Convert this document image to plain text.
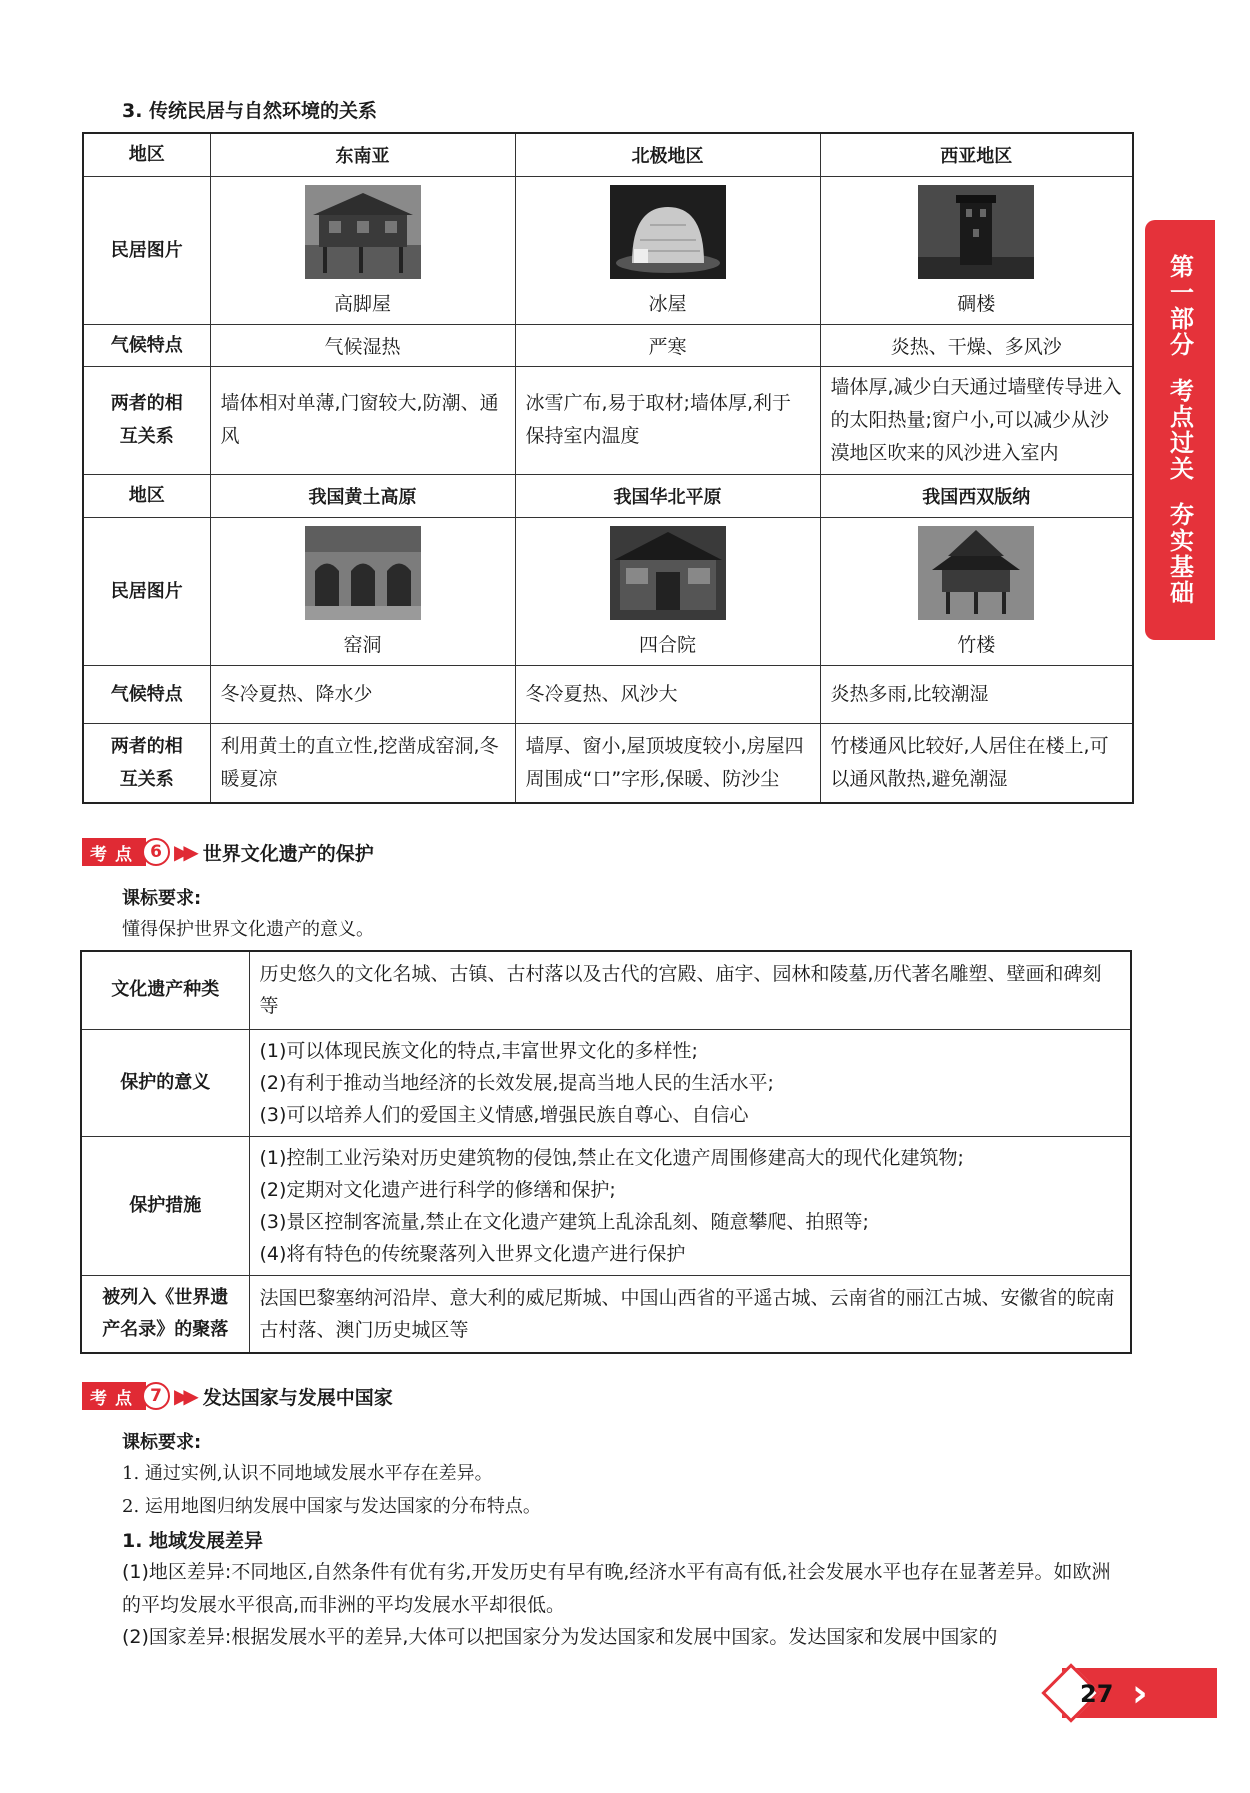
3. 传统民居与自然环境的关系
地区	东南亚	北极地区	西亚地区
民居图片	高脚屋	冰屋	碉楼

气候特点	气候湿热	严寒	炎热、干燥、多风沙
两者的相互关系	墙体相对单薄,门窗较大,防潮、通风	冰雪广布,易于取材;墙体厚,利于保持室内温度	墙体厚,减少白天通过墙壁传导进入的太阳热量;窗户小,可以减少从沙漠地区吹来的风沙进入室内
地区	我国黄土高原	我国华北平原	我国西双版纳
民居图片	窑洞	四合院	竹楼

气候特点	冬冷夏热、降水少	冬冷夏热、风沙大	炎热多雨,比较潮湿
两者的相互关系	利用黄土的直立性,挖凿成窑洞,冬暖夏凉	墙厚、窗小,屋顶坡度较小,房屋四周围成“口”字形,保暖、防沙尘	竹楼通风比较好,人居住在楼上,可以通风散热,避免潮湿
考点 6 ▶▶ 世界文化遗产的保护
课标要求:
懂得保护世界文化遗产的意义。
文化遗产种类	历史悠久的文化名城、古镇、古村落以及古代的宫殿、庙宇、园林和陵墓,历代著名雕塑、壁画和碑刻等

保护的意义	(1)可以体现民族文化的特点,丰富世界文化的多样性;
(2)有利于推动当地经济的长效发展,提高当地人民的生活水平;
(3)可以培养人们的爱国主义情感,增强民族自尊心、自信心

保护措施	(1)控制工业污染对历史建筑物的侵蚀,禁止在文化遗产周围修建高大的现代化建筑物;
(2)定期对文化遗产进行科学的修缮和保护;
(3)景区控制客流量,禁止在文化遗产建筑上乱涂乱刻、随意攀爬、拍照等;
(4)将有特色的传统聚落列入世界文化遗产进行保护

被列入《世界遗产名录》的聚落	法国巴黎塞纳河沿岸、意大利的威尼斯城、中国山西省的平遥古城、云南省的丽江古城、安徽省的皖南古村落、澳门历史城区等
考点 7 ▶▶ 发达国家与发展中国家
课标要求:
1. 通过实例,认识不同地域发展水平存在差异。
2. 运用地图归纳发展中国家与发达国家的分布特点。
1. 地域发展差异
(1)地区差异:不同地区,自然条件有优有劣,开发历史有早有晚,经济水平有高有低,社会发展水平也存在显著差异。如欧洲的平均发展水平很高,而非洲的平均发展水平却很低。
(2)国家差异:根据发展水平的差异,大体可以把国家分为发达国家和发展中国家。发达国家和发展中国家的
第一部分
考点过关
夯实基础
27 ›
